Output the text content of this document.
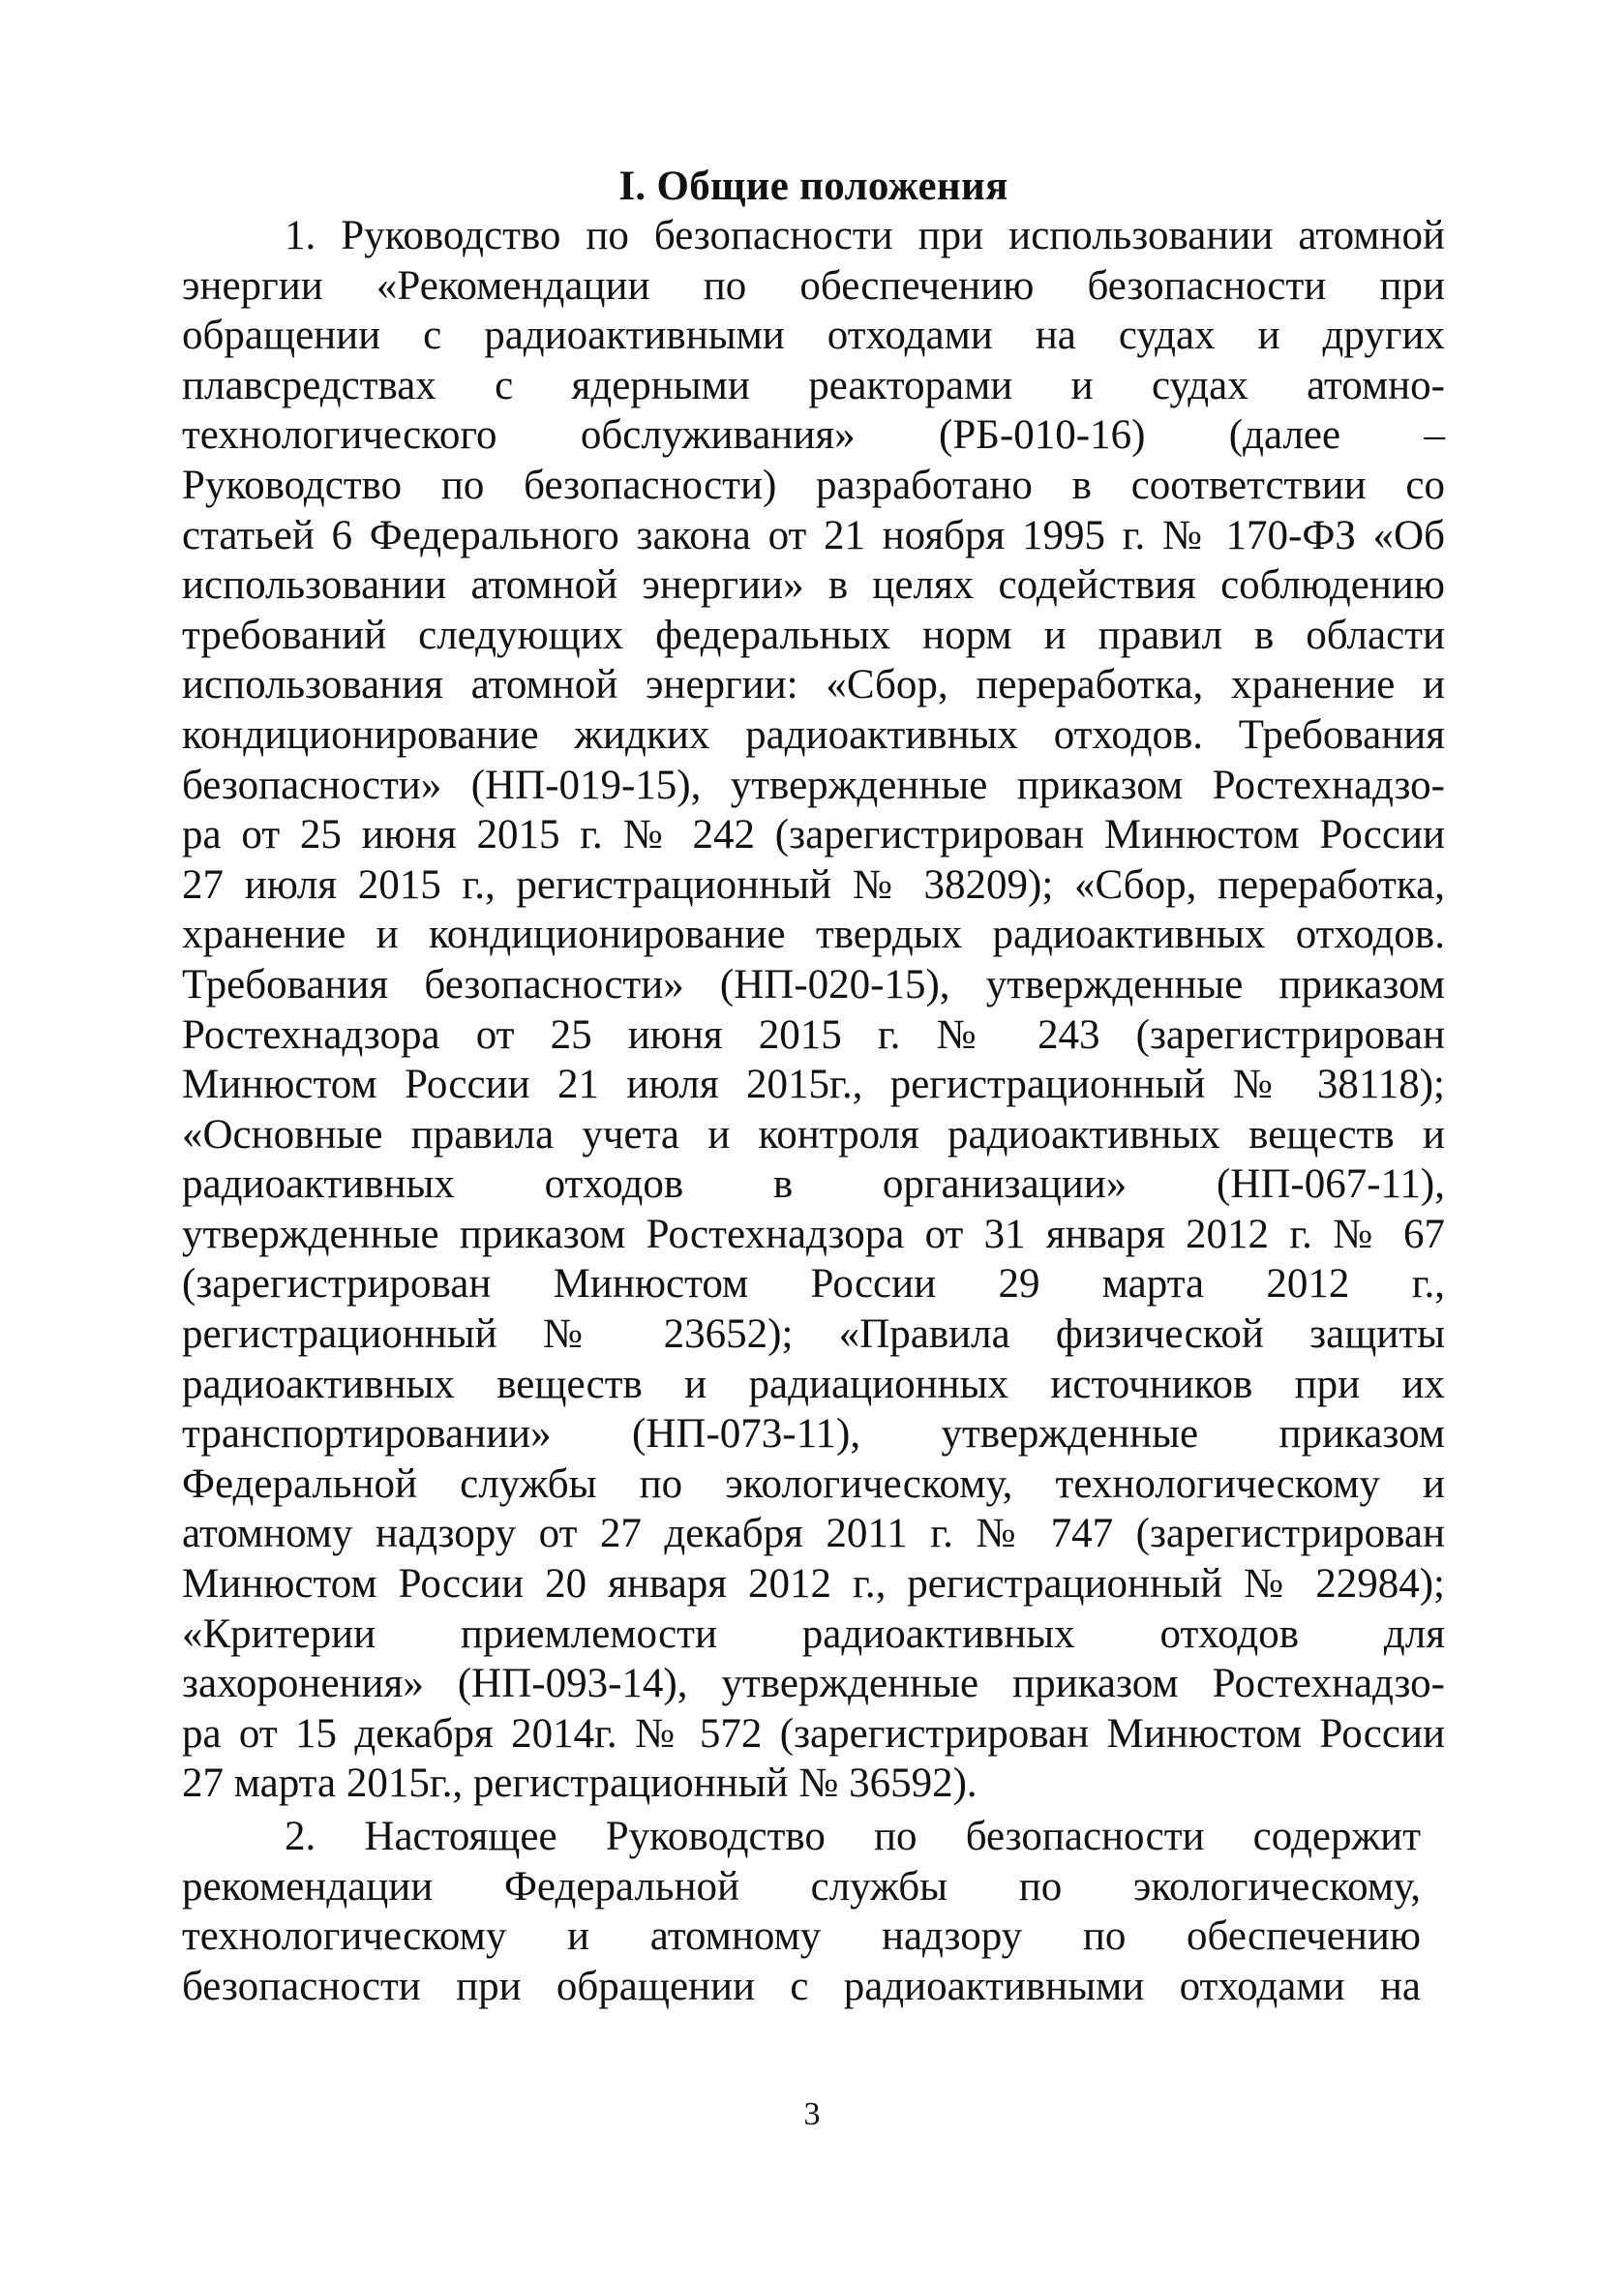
I. Общие положения
1. Руководство по безопасности при использовании атомной
энергии «Рекомендации по обеспечению безопасности при
обращении с радиоактивными отходами на судах и других
плавсредствах с ядерными реакторами и судах атомно-
технологического обслуживания» (РБ-010-16) (далее –
Руководство по безопасности) разработано в соответствии со
статьей 6 Федерального закона от 21 ноября 1995 г. № 170-ФЗ «Об
использовании атомной энергии» в целях содействия соблюдению
требований следующих федеральных норм и правил в области
использования атомной энергии: «Сбор, переработка, хранение и
кондиционирование жидких радиоактивных отходов. Требования
безопасности» (НП-019-15), утвержденные приказом Ростехнадзо-
ра от 25 июня 2015 г. № 242 (зарегистрирован Минюстом России
27 июля 2015 г., регистрационный № 38209); «Сбор, переработка,
хранение и кондиционирование твердых радиоактивных отходов.
Требования безопасности» (НП-020-15), утвержденные приказом
Ростехнадзора от 25 июня 2015 г. № 243 (зарегистрирован
Минюстом России 21 июля 2015г., регистрационный № 38118);
«Основные правила учета и контроля радиоактивных веществ и
радиоактивных отходов в организации» (НП-067-11),
утвержденные приказом Ростехнадзора от 31 января 2012 г. № 67
(зарегистрирован Минюстом России 29 марта 2012 г.,
регистрационный № 23652); «Правила физической защиты
радиоактивных веществ и радиационных источников при их
транспортировании» (НП-073-11), утвержденные приказом
Федеральной службы по экологическому, технологическому и
атомному надзору от 27 декабря 2011 г. № 747 (зарегистрирован
Минюстом России 20 января 2012 г., регистрационный № 22984);
«Критерии приемлемости радиоактивных отходов для
захоронения» (НП-093-14), утвержденные приказом Ростехнадзо-
ра от 15 декабря 2014г. № 572 (зарегистрирован Минюстом России
27 марта 2015г., регистрационный № 36592).
2. Настоящее Руководство по безопасности содержит
рекомендации Федеральной службы по экологическому,
технологическому и атомному надзору по обеспечению
безопасности при обращении с радиоактивными отходами на
3
